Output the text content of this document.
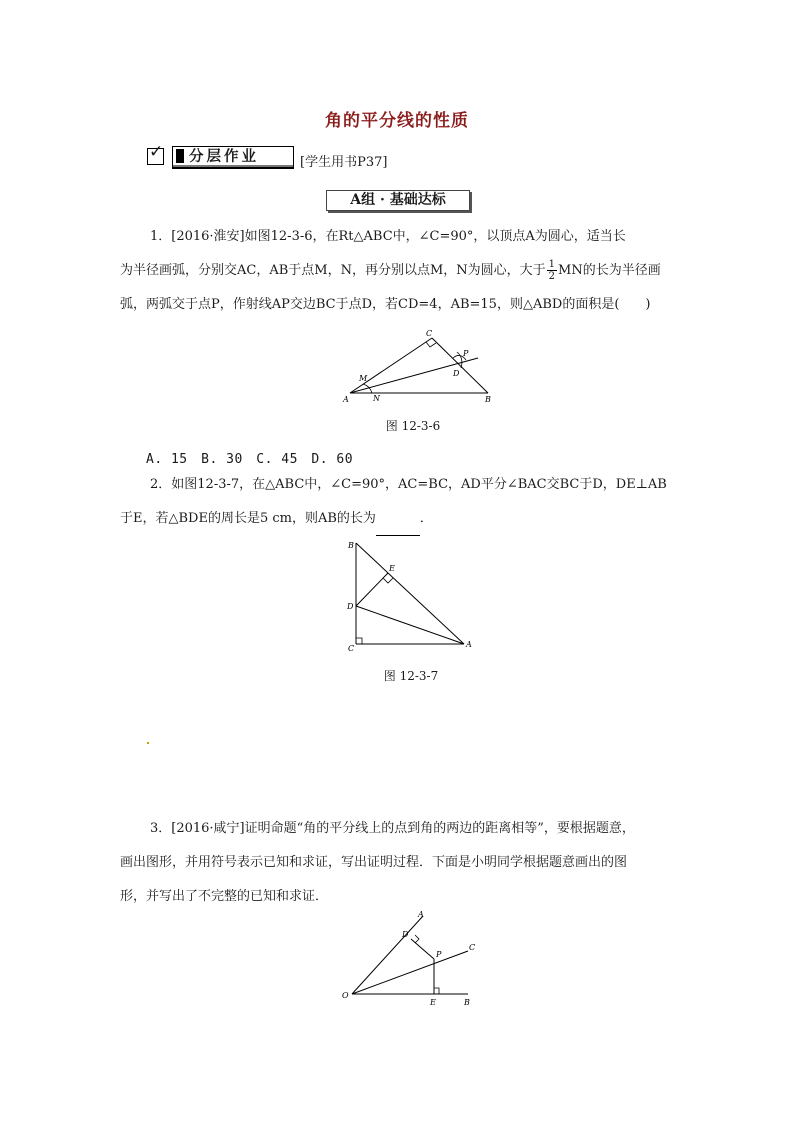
角的平分线的性质
✓ 分层作业	[学生用书P37]
A组 · 基础达标
1．[2016·淮安]如图12-3-6，在Rt△ABC中，∠C=90°，以顶点A为圆心，适当长
为半径画弧，分别交AC，AB于点M，N，再分别以点M，N为圆心，大于 $\frac{1}{2}$ MN的长为半径画
弧，两弧交于点P，作射线AP交边BC于点D，若CD=4，AB=15，则△ABD的面积是(　　)
A	B
C
D
M
N
P
图 12-3-6
A. 15　B. 30　C. 45　D. 60
2．如图12-3-7，在△ABC中，∠C=90°，AC=BC，AD平分∠BAC交BC于D，DE⊥AB
于E，若△BDE的周长是5 cm，则AB的长为	．
B
E
D
C	A
图 12-3-7
3．[2016·咸宁]证明命题“角的平分线上的点到角的两边的距离相等”，要根据题意，
画出图形，并用符号表示已知和求证，写出证明过程．下面是小明同学根据题意画出的图
形，并写出了不完整的已知和求证．
O
A
C
D
P
E	B
